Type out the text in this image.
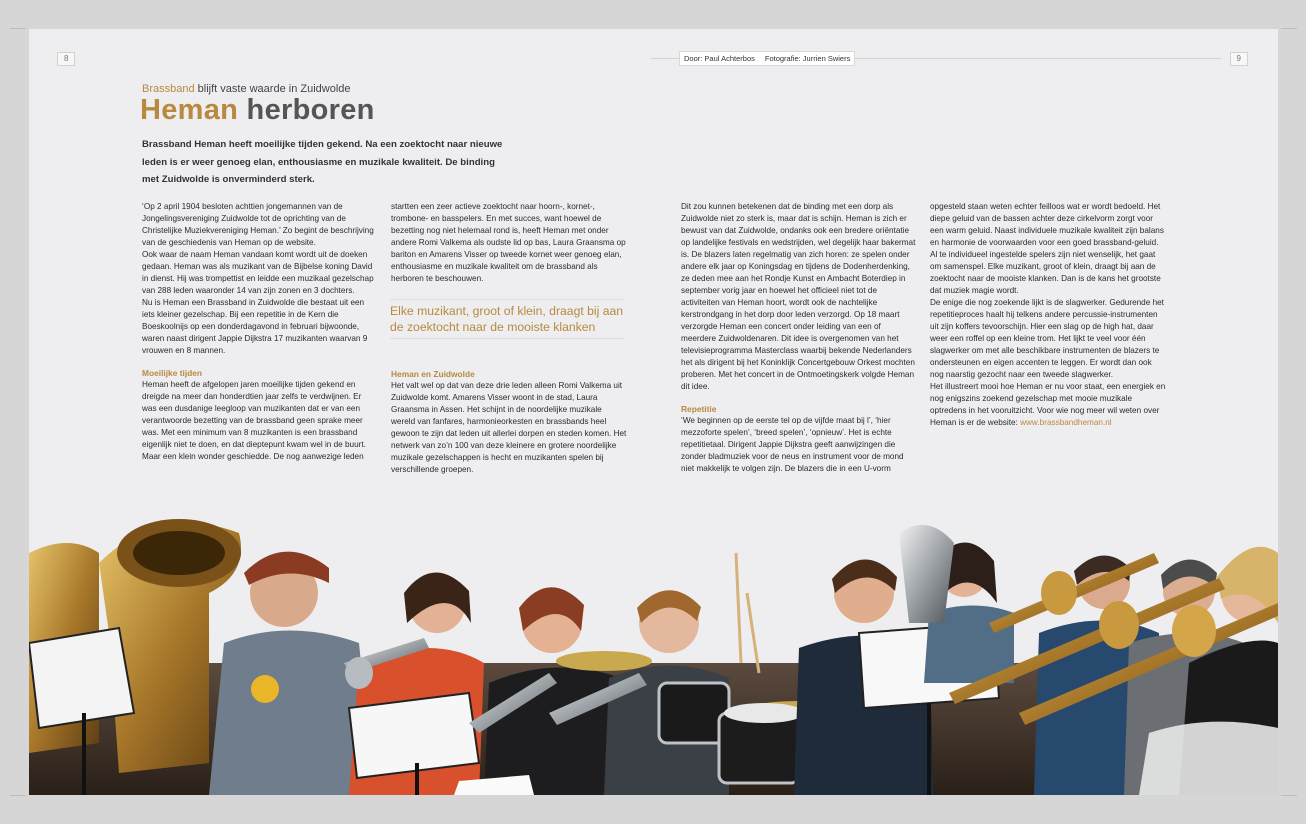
8	9
Door: Paul Achterbos Fotografie: Jurrien Swiers
Brassband blijft vaste waarde in Zuidwolde
Heman herboren
Brassband Heman heeft moeilijke tijden gekend. Na een zoektocht naar nieuwe leden is er weer genoeg elan, enthousiasme en muzikale kwaliteit. De binding met Zuidwolde is onverminderd sterk.

‘Op 2 april 1904 besloten achttien jongemannen van de Jongelingsvereniging Zuidwolde tot de oprichting van de Christelijke Muziekvereniging Heman.’ Zo begint de beschrijving van de geschiedenis van Heman op de website.

Ook waar de naam Heman vandaan komt wordt uit de doeken gedaan. Heman was als muzikant van de Bijbelse koning David in dienst. Hij was trompettist en leidde een muzikaal gezelschap van 288 leden waaronder 14 van zijn zonen en 3 dochters.

Nu is Heman een Brassband in Zuidwolde die bestaat uit een iets kleiner gezelschap. Bij een repetitie in de Kern die Boeskoolnijs op een donderdagavond in februari bijwoonde, waren naast dirigent Jappie Dijkstra 17 muzikanten waarvan 9 vrouwen en 8 mannen.

Moeilijke tijden

Heman heeft de afgelopen jaren moeilijke tijden gekend en dreigde na meer dan honderdtien jaar zelfs te verdwijnen. Er was een dusdanige leegloop van muzikanten dat er van een verantwoorde bezetting van de brassband geen sprake meer was. Met een minimum van 8 muzikanten is een brassband eigenlijk niet te doen, en dat dieptepunt kwam wel in de buurt. Maar een klein wonder geschiedde. De nog aanwezige leden

startten een zeer actieve zoektocht naar hoorn-, kornet-, trombone- en basspelers. En met succes, want hoewel de bezetting nog niet helemaal rond is, heeft Heman met onder andere Romi Valkema als oudste lid op bas, Laura Graansma op bariton en Amarens Visser op tweede kornet weer genoeg elan, enthousiasme en muzikale kwaliteit om de brassband als herboren te beschouwen.

Elke muzikant, groot of klein, draagt bij aan de zoektocht naar de mooiste klanken
Heman en Zuidwolde

Het valt wel op dat van deze drie leden alleen Romi Valkema uit Zuidwolde komt. Amarens Visser woont in de stad, Laura Graansma in Assen. Het schijnt in de noordelijke muzikale wereld van fanfares, harmonieorkesten en brassbands heel gewoon te zijn dat leden uit allerlei dorpen en steden komen. Het netwerk van zo’n 100 van deze kleinere en grotere noordelijke muzikale gezelschappen is hecht en muzikanten spelen bij verschillende groepen.

Dit zou kunnen betekenen dat de binding met een dorp als Zuidwolde niet zo sterk is, maar dat is schijn. Heman is zich er bewust van dat Zuidwolde, ondanks ook een bredere oriëntatie op landelijke festivals en wedstrijden, wel degelijk haar bakermat is. De blazers laten regelmatig van zich horen: ze spelen onder andere elk jaar op Koningsdag en tijdens de Dodenherdenking, ze deden mee aan het Rondje Kunst en Ambacht Boterdiep in september vorig jaar en hoewel het officieel niet tot de activiteiten van Heman hoort, wordt ook de nachtelijke kerstrondgang in het dorp door leden verzorgd. Op 18 maart verzorgde Heman een concert onder leiding van een of meerdere Zuidwoldenaren. Dit idee is overgenomen van het televisieprogramma Masterclass waarbij bekende Nederlanders het als dirigent bij het Koninklijk Concertgebouw Orkest mochten proberen. Met het concert in de Ontmoetingskerk volgde Heman dit idee.

Repetitie

‘We beginnen op de eerste tel op de vijfde maat bij l’, ‘hier mezzoforte spelen’, ‘breed spelen’, ‘opnieuw’. Het is echte repetitietaal. Dirigent Jappie Dijkstra geeft aanwijzingen die zonder bladmuziek voor de neus en instrument voor de mond niet makkelijk te volgen zijn. De blazers die in een U-vorm

opgesteld staan weten echter feilloos wat er wordt bedoeld. Het diepe geluid van de bassen achter deze cirkelvorm zorgt voor een warm geluid. Naast individuele muzikale kwaliteit zijn balans en harmonie de voorwaarden voor een goed brassband-geluid. Al te individueel ingestelde spelers zijn niet wenselijk, het gaat om samenspel. Elke muzikant, groot of klein, draagt bij aan de zoektocht naar de mooiste klanken. Dan is de kans het grootste dat muziek magie wordt.

De enige die nog zoekende lijkt is de slagwerker. Gedurende het repetitieproces haalt hij telkens andere percussie-instrumenten uit zijn koffers tevoorschijn. Hier een slag op de high hat, daar weer een roffel op een kleine trom. Het lijkt te veel voor één slagwerker om met alle beschikbare instrumenten de blazers te ondersteunen en eigen accenten te leggen. Er wordt dan ook nog naarstig gezocht naar een tweede slagwerker.

Het illustreert mooi hoe Heman er nu voor staat, een energiek en nog enigszins zoekend gezelschap met mooie muzikale optredens in het vooruitzicht. Voor wie nog meer wil weten over Heman is er de website: www.brassbandheman.nl
